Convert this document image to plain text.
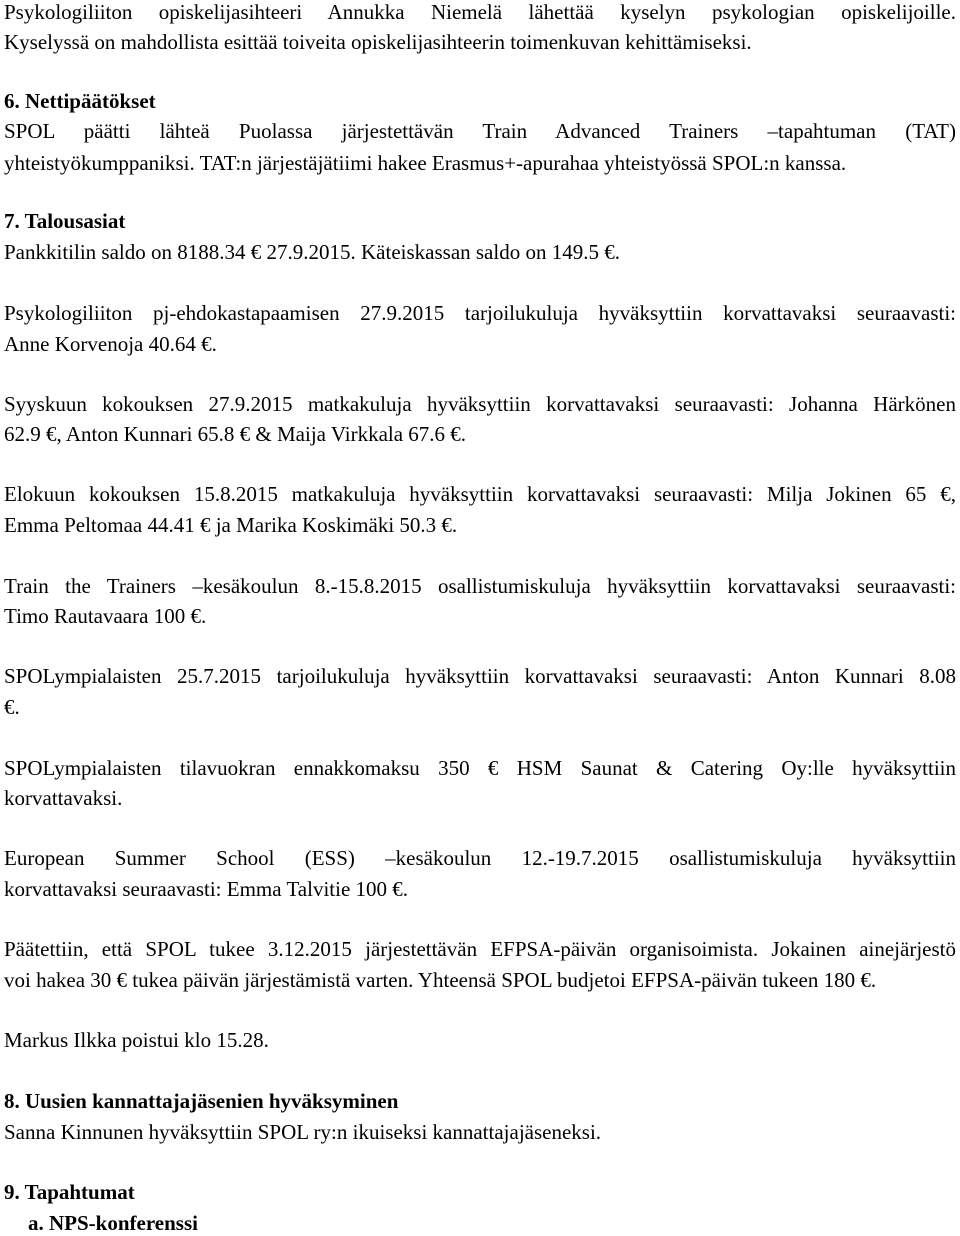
Psykologiliiton opiskelijasihteeri Annukka Niemelä lähettää kyselyn psykologian opiskelijoille.
Kyselyssä on mahdollista esittää toiveita opiskelijasihteerin toimenkuvan kehittämiseksi.
6. Nettipäätökset
SPOL päätti lähteä Puolassa järjestettävän Train Advanced Trainers –tapahtuman (TAT)
yhteistyökumppaniksi. TAT:n järjestäjätiimi hakee Erasmus+-apurahaa yhteistyössä SPOL:n kanssa.
7. Talousasiat
Pankkitilin saldo on 8188.34 € 27.9.2015. Käteiskassan saldo on 149.5 €.
Psykologiliiton pj-ehdokastapaamisen 27.9.2015 tarjoilukuluja hyväksyttiin korvattavaksi seuraavasti:
Anne Korvenoja 40.64 €.
Syyskuun kokouksen 27.9.2015 matkakuluja hyväksyttiin korvattavaksi seuraavasti: Johanna Härkönen
62.9 €, Anton Kunnari 65.8 € & Maija Virkkala 67.6 €.
Elokuun kokouksen 15.8.2015 matkakuluja hyväksyttiin korvattavaksi seuraavasti: Milja Jokinen 65 €,
Emma Peltomaa 44.41 € ja Marika Koskimäki 50.3 €.
Train the Trainers –kesäkoulun 8.-15.8.2015 osallistumiskuluja hyväksyttiin korvattavaksi seuraavasti:
Timo Rautavaara 100 €.
SPOLympialaisten 25.7.2015 tarjoilukuluja hyväksyttiin korvattavaksi seuraavasti: Anton Kunnari 8.08
€.
SPOLympialaisten tilavuokran ennakkomaksu 350 € HSM Saunat & Catering Oy:lle hyväksyttiin
korvattavaksi.
European Summer School (ESS) –kesäkoulun 12.-19.7.2015 osallistumiskuluja hyväksyttiin
korvattavaksi seuraavasti: Emma Talvitie 100 €.
Päätettiin, että SPOL tukee 3.12.2015 järjestettävän EFPSA-päivän organisoimista. Jokainen ainejärjestö
voi hakea 30 € tukea päivän järjestämistä varten. Yhteensä SPOL budjetoi EFPSA-päivän tukeen 180 €.
Markus Ilkka poistui klo 15.28.
8. Uusien kannattajajäsenien hyväksyminen
Sanna Kinnunen hyväksyttiin SPOL ry:n ikuiseksi kannattajajäseneksi.
9. Tapahtumat
a. NPS-konferenssi
